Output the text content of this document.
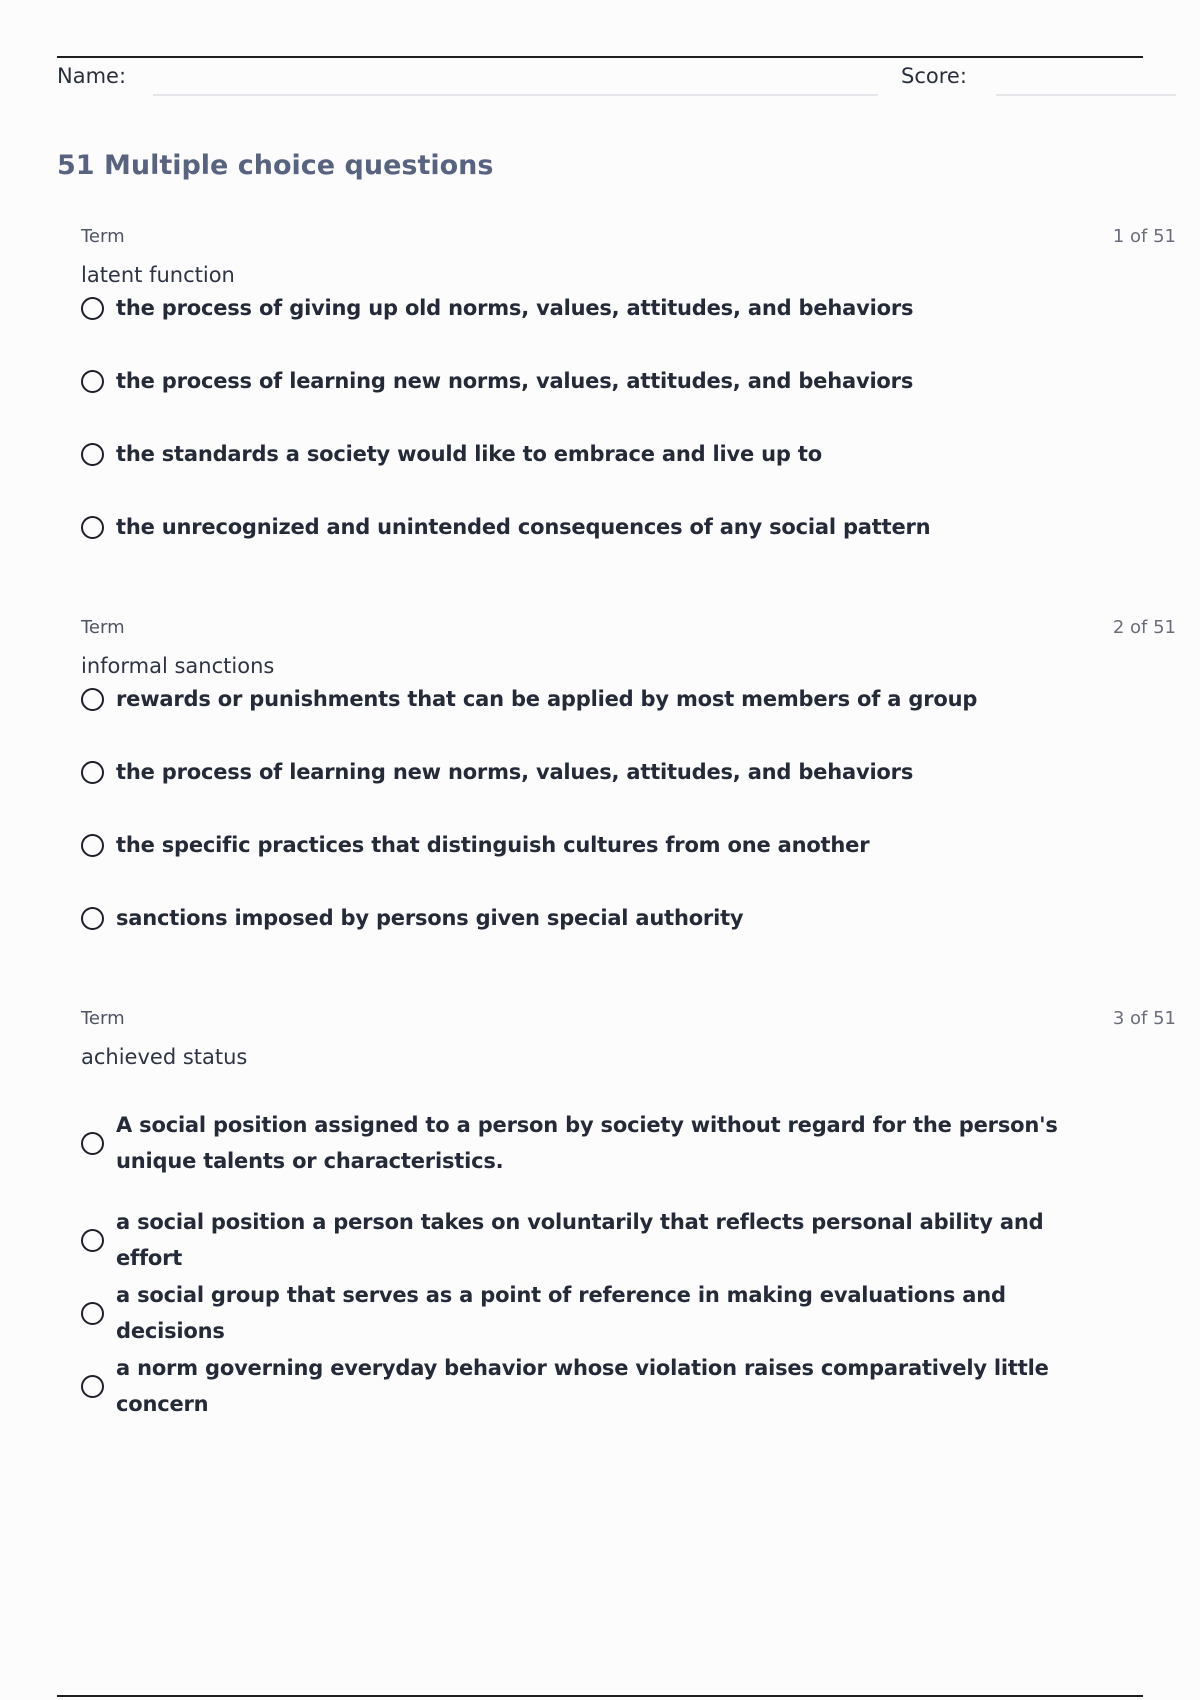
Name:	Score:
51 Multiple choice questions
Term	1 of 51
latent function
the process of giving up old norms, values, attitudes, and behaviors
the process of learning new norms, values, attitudes, and behaviors
the standards a society would like to embrace and live up to
the unrecognized and unintended consequences of any social pattern
Term	2 of 51
informal sanctions
rewards or punishments that can be applied by most members of a group
the process of learning new norms, values, attitudes, and behaviors
the specific practices that distinguish cultures from one another
sanctions imposed by persons given special authority
Term	3 of 51
achieved status
A social position assigned to a person by society without regard for the person's unique talents or characteristics.
a social position a person takes on voluntarily that reflects personal ability and effort
a social group that serves as a point of reference in making evaluations and decisions
a norm governing everyday behavior whose violation raises comparatively little concern
